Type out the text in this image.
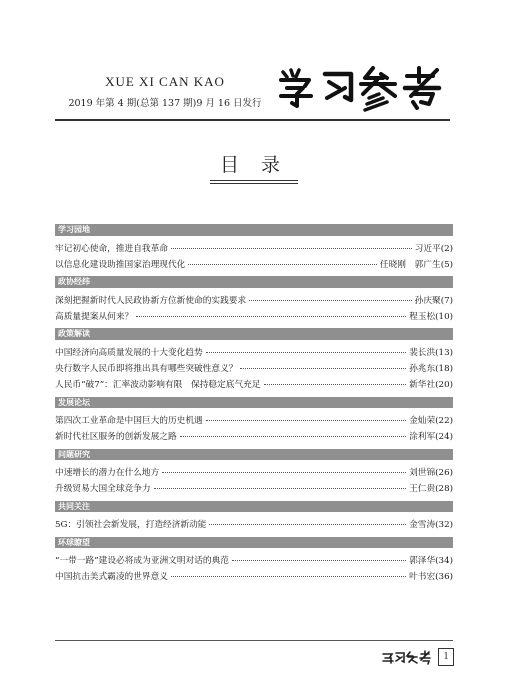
XUE XI CAN KAO
2019 年第 4 期(总第 137 期)9 月 16 日发行
学习参考
目 录
学习园地
牢记初心使命，推进自我革命	习近平(2)
以信息化建设助推国家治理现代化	任晓刚　郭广生(5)
政协经纬
深刻把握新时代人民政协新方位新使命的实践要求	孙庆聚(7)
高质量提案从何来？	程玉松(10)
政策解读
中国经济向高质量发展的十大变化趋势	裴长洪(13)
央行数字人民币即将推出具有哪些突破性意义？	孙兆东(18)
人民币“破7”：汇率波动影响有限　保持稳定底气充足	新华社(20)
发展论坛
第四次工业革命是中国巨大的历史机遇	金灿荣(22)
新时代社区服务的创新发展之路	涂利军(24)
问题研究
中速增长的潜力在什么地方	刘世锦(26)
升级贸易大国全球竞争力	王仁贵(28)
共同关注
5G：引领社会新发展，打造经济新动能	金雪涛(32)
环球瞭望
“一带一路”建设必将成为亚洲文明对话的典范	郭泽华(34)
中国抗击美式霸凌的世界意义	叶书宏(36)
1
